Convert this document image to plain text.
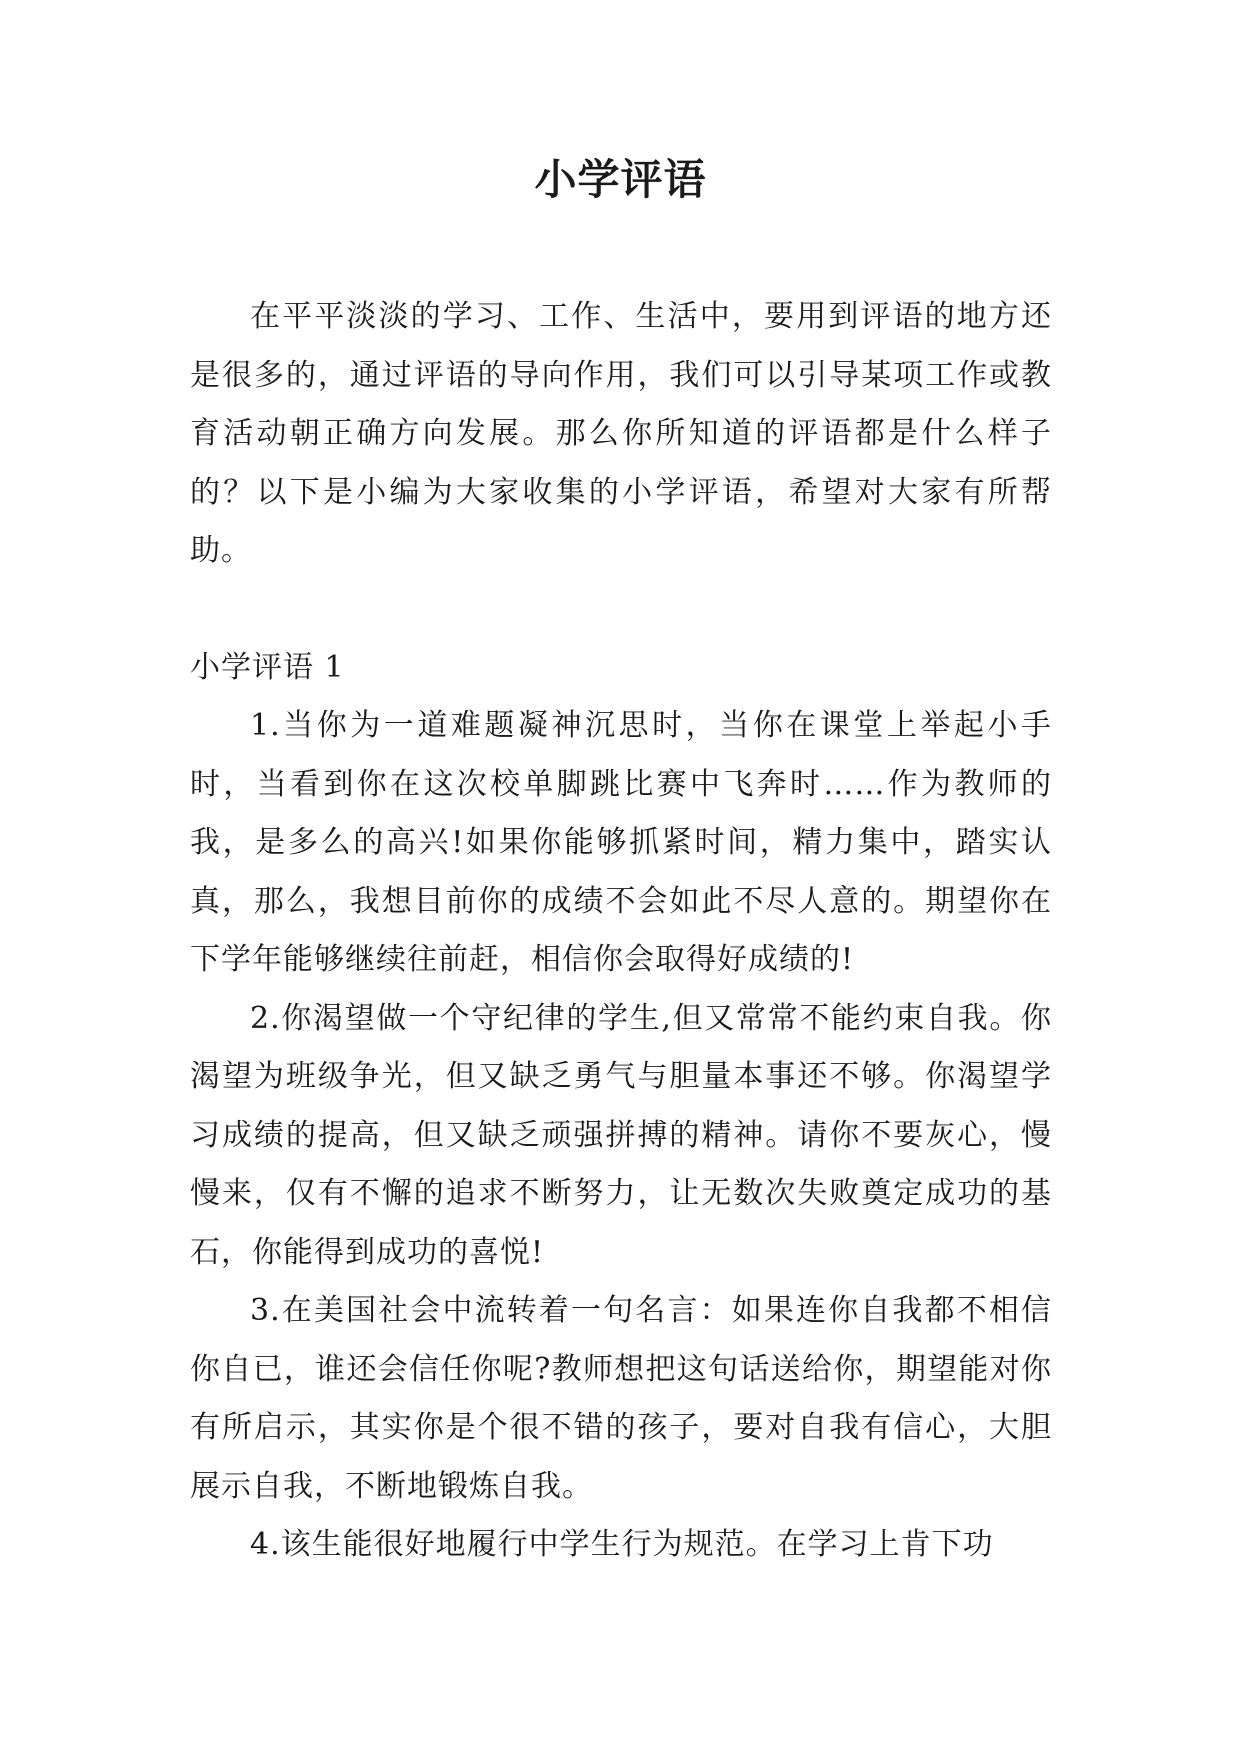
小学评语

在平平淡淡的学习、工作、生活中，要用到评语的地方还是很多的，通过评语的导向作用，我们可以引导某项工作或教育活动朝正确方向发展。那么你所知道的评语都是什么样子的？以下是小编为大家收集的小学评语，希望对大家有所帮助。

小学评语 1

1.当你为一道难题凝神沉思时，当你在课堂上举起小手时，当看到你在这次校单脚跳比赛中飞奔时……作为教师的我，是多么的高兴!如果你能够抓紧时间，精力集中，踏实认真，那么，我想目前你的成绩不会如此不尽人意的。期望你在下学年能够继续往前赶，相信你会取得好成绩的!

2.你渴望做一个守纪律的学生,但又常常不能约束自我。你渴望为班级争光，但又缺乏勇气与胆量本事还不够。你渴望学习成绩的提高，但又缺乏顽强拼搏的精神。请你不要灰心，慢慢来，仅有不懈的追求不断努力，让无数次失败奠定成功的基石，你能得到成功的喜悦!

3.在美国社会中流转着一句名言：如果连你自我都不相信你自已，谁还会信任你呢?教师想把这句话送给你，期望能对你有所启示，其实你是个很不错的孩子，要对自我有信心，大胆展示自我，不断地锻炼自我。

4.该生能很好地履行中学生行为规范。在学习上肯下功
